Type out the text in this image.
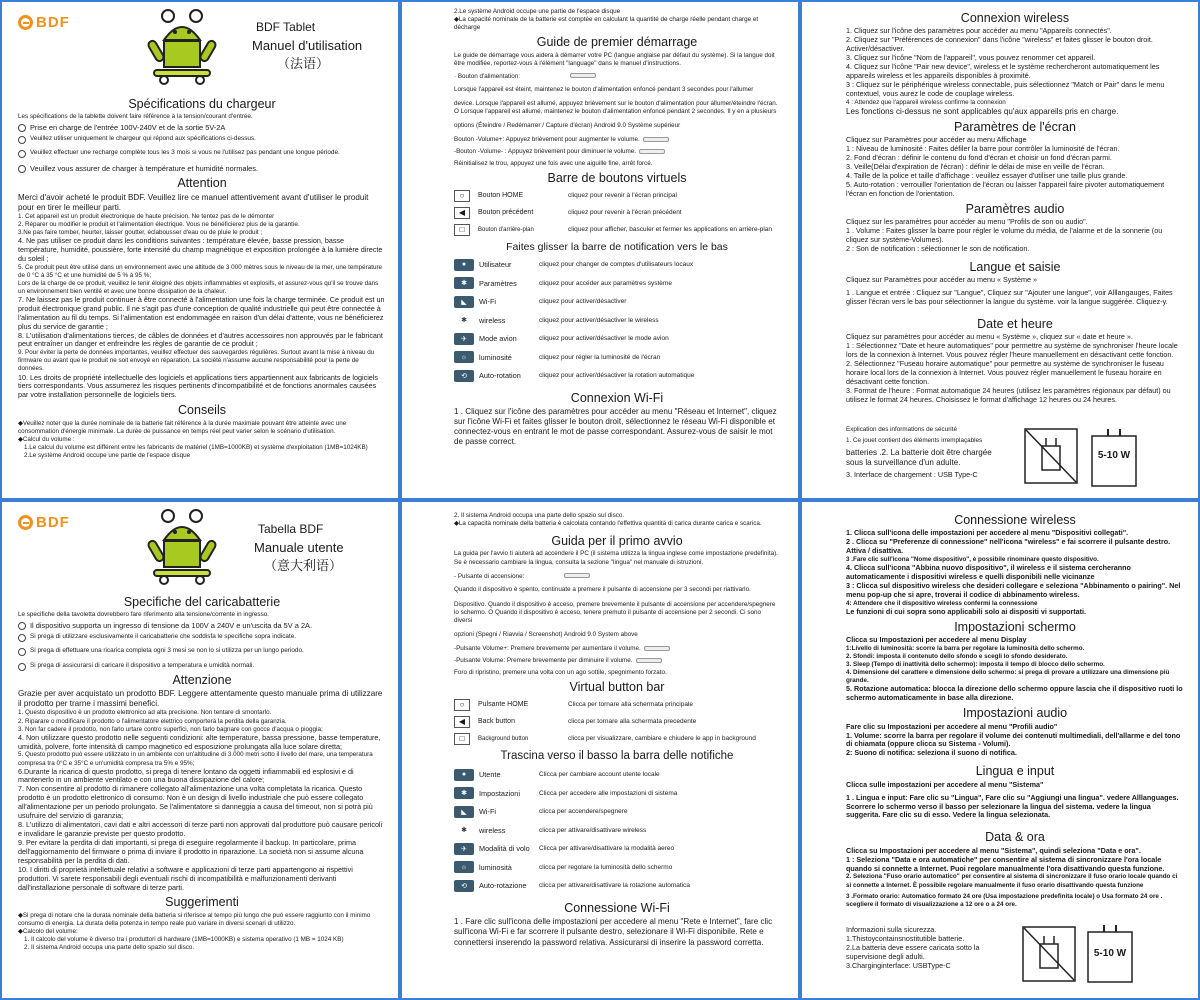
BDF	BDF Tablet
Manuel d'utilisation
（法语）
Spécifications du chargeur
Les spécifications de la tablette doivent faire référence à la tension/courant d'entrée.
Prise en charge de l'entrée 100V-240V et de la sortie 5V-2A
Veuillez utiliser uniquement le chargeur qui répond aux spécifications ci-dessus.
Veuillez effectuer une recharge complète tous les 3 mois si vous ne l'utilisez pas pendant une longue période.
Veuillez vous assurer de charger à température et humidité normales.
Attention
Merci d'avoir acheté le produit BDF. Veuillez lire ce manuel attentivement avant d'utiliser le produit pour en tirer le meilleur parti.
1. Cet appareil est un produit électronique de haute précision. Ne tentez pas de le démonter
2. Réparer ou modifier le produit et l'alimentation électrique. Vous ne bénéficierez plus de la garantie.
3.Ne pas faire tomber, heurter, laisser goutter, éclabousser d'eau ou de pluie le produit ;
4. Ne pas utiliser ce produit dans les conditions suivantes : température élevée, basse pression, basse température, humidité, poussière, forte intensité du champ magnétique et exposition prolongée à la lumière directe du soleil ;
5. Ce produit peut être utilisé dans un environnement avec une altitude de 3 000 mètres sous le niveau de la mer, une température de 0 °C à 35 °C et une humidité de 5 % à 95 %;
Lors de la charge de ce produit, veuillez le tenir éloigné des objets inflammables et explosifs, et assurez-vous qu'il se trouve dans un environnement bien ventilé et avec une bonne dissipation de la chaleur.
7. Ne laissez pas le produit continuer à être connecté à l'alimentation une fois la charge terminée. Ce produit est un produit électronique grand public. Il ne s'agit pas d'une conception de qualité industrielle qui peut être connectée à l'alimentation au fil du temps. Si l'alimentation est endommagée en raison d'un délai d'attente, vous ne bénéficierez plus du service de garantie ;
8. L'utilisation d'alimentations tierces, de câbles de données et d'autres accessoires non approuvés par le fabricant peut entraîner un danger et enfreindre les règles de garantie de ce produit ;
9. Pour éviter la perte de données importantes, veuillez effectuer des sauvegardes régulières. Surtout avant la mise à niveau du firmware ou avant que le produit ne soit envoyé en réparation. La société n'assume aucune responsabilité pour la perte de données.
10. Les droits de propriété intellectuelle des logiciels et applications tiers appartiennent aux fabricants de logiciels tiers correspondants. Vous assumerez les risques pertinents d'incompatibilité et de fonctions anormales causées par votre installation personnelle de logiciels tiers.
Conseils
◆Veuillez noter que la durée nominale de la batterie fait référence à la durée maximale pouvant être atteinte avec une consommation d'énergie minimale. La durée de puissance en temps réel peut varier selon le scénario d'utilisation.
◆Calcul du volume :
1.Le calcul du volume est différent entre les fabricants de matériel (1MB=1000KB) et système d'exploitation (1MB=1024KB)
2.Le système Android occupe une partie de l'espace disque
2.Le système Android occupe une partie de l'espace disque
◆La capacité nominale de la batterie est comptée en calculant la quantité de charge réelle pendant charge et décharge
Guide de premier démarrage
Le guide de démarrage vous aidera à démarrer votre PC (langue anglaise par défaut du système). Si la langue doit être modifiée, reportez-vous à l'élément "language" dans le manuel d'instructions.
· Bouton d'alimentation:
Lorsque l'appareil est éteint, maintenez le bouton d'alimentation enfoncé pendant 3 secondes pour l'allumer
device. Lorsque l'appareil est allumé, appuyez brièvement sur le bouton d'alimentation pour allumer/éteindre l'écran. O Lorsque l'appareil est allumé, maintenez le bouton d'alimentation enfoncé pendant 2 secondes. Il y en a plusieurs
options (Éteindre / Redémarrer / Capture d'écran) Android 9.0 Système supérieur
Bouton -Volume+: Appuyez brièvement pour augmenter le volume.
-Bouton -Volume- : Appuyez brièvement pour diminuer le volume.
Réinitialisez le trou, appuyez une fois avec une aiguille fine, arrêt forcé.
Barre de boutons virtuels
○	Bouton HOME	cliquez pour revenir à l'écran principal
◀	Bouton précédent	cliquez pour revenir à l'écran précédent
□	Bouton d'arrière-plan	cliquez pour afficher, basculer et fermer les applications en arrière-plan
Faites glisser la barre de notification vers le bas
●	Utilisateur	cliquez pour changer de comptes d'utilisateurs locaux
✱	Paramètres	cliquez pour accéder aux paramètres système
◣	Wi-Fi	cliquez pour activer/désactiver
✱	wireless	cliquez pour activer/désactiver le wireless
✈	Mode avion	cliquez pour activer/désactiver le mode avion
☼	luminosité	cliquez pour régler la luminosité de l'écran
⟲	Auto-rotation	cliquez pour activer/désactiver la rotation automatique
Connexion Wi-Fi
1 . Cliquez sur l'icône des paramètres pour accéder au menu "Réseau et Internet", cliquez sur l'icône Wi-Fi et faites glisser le bouton droit, sélectionnez le réseau Wi-Fi disponible et connectez-vous en entrant le mot de passe correspondant. Assurez-vous de saisir le mot de passe correct.
Connexion wireless
1. Cliquez sur l'icône des paramètres pour accéder au menu "Appareils connectés".
2. Cliquez sur "Préférences de connexion" dans l'icône "wireless" et faites glisser le bouton droit. Activer/désactiver.
3. Cliquez sur l'icône "Nom de l'appareil", vous pouvez renommer cet appareil.
4. Cliquez sur l'icône "Pair new device", wireless et le système rechercheront automatiquement les appareils wireless et les appareils disponibles à proximité.
3 : Cliquez sur le périphérique wireless connectable, puis sélectionnez "Match or Pair" dans le menu contextuel, vous aurez le code de couplage wireless.
4 : Attendez que l'appareil wireless confirme la connexion
Les fonctions ci-dessus ne sont applicables qu'aux appareils pris en charge.
Paramètres de l'écran
Cliquez sur Paramètres pour accéder au menu Affichage
1 : Niveau de luminosité : Faites défiler la barre pour contrôler la luminosité de l'écran.
2. Fond d'écran : définir le contenu du fond d'écran et choisir un fond d'écran parmi.
3. Veille(Délai d'expiration de l'écran) : définir le délai de mise en veille de l'écran.
4. Taille de la police et taille d'affichage : veuillez essayer d'utiliser une taille plus grande.
5. Auto-rotation : verrouiller l'orientation de l'écran ou laisser l'appareil faire pivoter automatiquement l'écran en fonction de l'orientation.
Paramètres audio
Cliquez sur les paramètres pour accéder au menu "Profils de son ou audio".
1 . Volume : Faites glisser la barre pour régler le volume du média, de l'alarme et de la sonnerie (ou cliquez sur système-Volumes).
2 : Son de notification : sélectionner le son de notification.
Langue et saisie
Cliquez sur Paramètres pour accéder au menu « Système »
1 . Langue et entrée : Cliquez sur "Langue", Cliquez sur "Ajouter une langue", voir Alllangauges, Faites glisser l'écran vers le bas pour sélectionner la langue du système. voir la langue suggérée. Cliquez-y.
Date et heure
Cliquez sur paramètres pour accéder au menu « Système », cliquez sur « date et heure ».
1 : Sélectionnez "Date et heure automatiques" pour permettre au système de synchroniser l'heure locale lors de la connexion à Internet. Vous pouvez régler l'heure manuellement en désactivant cette fonction.
2. Sélectionnez "Fuseau horaire automatique" pour permettre au système de synchroniser le fuseau horaire local lors de la connexion à Internet. Vous pouvez régler manuellement le fuseau horaire en désactivant cette fonction.
3. Format de l'heure : Format automatique 24 heures (utilisez les paramètres régionaux par défaut) ou utilisez le format 24 heures. Choisissez le format d'affichage 12 heures ou 24 heures.
Explication des informations de sécurité
1. Ce jouet contient des éléments irremplaçables
batteries .2. La batterie doit être chargée sous la surveillance d'un adulte.
3. Interface de chargement : USB Type-C
5-10 W
BDF	Tabella BDF
Manuale utente
（意大利语）
Specifiche del caricabatterie
Le specifiche della tavoletta dovrebbero fare riferimento alla tensione/corrente in ingresso.
Il dispositivo supporta un ingresso di tensione da 100V a 240V e un'uscita da 5V a 2A.
Si prega di utilizzare esclusivamente il caricabatterie che soddisfa le specifiche sopra indicate.
Si prega di effettuare una ricarica completa ogni 3 mesi se non lo si utilizza per un lungo periodo.
Si prega di assicurarsi di caricare il dispositivo a temperatura e umidità normali.
Attenzione
Grazie per aver acquistato un prodotto BDF. Leggere attentamente questo manuale prima di utilizzare il prodotto per trarne i massimi benefici.
1. Questo dispositivo è un prodotto elettronico ad alta precisione. Non tentare di smontarlo.
2. Riparare o modificare il prodotto o l'alimentatore elettrico comporterà la perdita della garanzia.
3. Non far cadere il prodotto, non farlo urtare contro superfici, non farlo bagnare con gocce d'acqua o pioggia;
4. Non utilizzare questo prodotto nelle seguenti condizioni: alte temperature, bassa pressione, basse temperature, umidità, polvere, forte intensità di campo magnetico ed esposizione prolungata alla luce solare diretta;
5. Questo prodotto può essere utilizzato in un ambiente con un'altitudine di 3.000 metri sotto il livello del mare, una temperatura compresa tra 0°C e 35°C e un'umidità compresa tra 5% e 95%;
6.Durante la ricarica di questo prodotto, si prega di tenere lontano da oggetti infiammabili ed esplosivi e di mantenerlo in un ambiente ventilato e con una buona dissipazione del calore;
7. Non consentire al prodotto di rimanere collegato all'alimentazione una volta completata la ricarica. Questo prodotto è un prodotto elettronico di consumo. Non è un design di livello industriale che può essere collegato all'alimentazione per un periodo prolungato. Se l'alimentatore si danneggia a causa del timeout, non si potrà più usufruire del servizio di garanzia;
8. L'utilizzo di alimentatori, cavi dati e altri accessori di terze parti non approvati dal produttore può causare pericoli e invalidare le garanzie previste per questo prodotto.
9. Per evitare la perdita di dati importanti, si prega di eseguire regolarmente il backup. In particolare, prima dell'aggiornamento del firmware o prima di inviare il prodotto in riparazione. La società non si assume alcuna responsabilità per la perdita di dati.
10. I diritti di proprietà intellettuale relativi a software e applicazioni di terze parti appartengono ai rispettivi produttori. Vi sarete responsabili degli eventuali rischi di incompatibilità e malfunzionamenti derivanti dall'installazione personale di software di terze parti.
Suggerimenti
◆Si prega di notare che la durata nominale della batteria si riferisce al tempo più lungo che può essere raggiunto con il minimo consumo di energia. La durata della potenza in tempo reale può variare in diversi scenari di utilizzo.
◆Calcolo del volume:
1. Il calcolo del volume è diverso tra i produttori di hardware (1MB=1000KB) e sistema operativo (1 MB = 1024 KB)
2. Il sistema Android occupa una parte dello spazio sul disco.
2. Il sistema Android occupa una parte dello spazio sul disco.
◆La capacità nominale della batteria è calcolata contando l'effettiva quantità di carica durante carica e scarica.
Guida per il primo avvio
La guida per l'avvio ti aiuterà ad accendere il PC (il sistema utilizza la lingua inglese come impostazione predefinita). Se è necessario cambiare la lingua, consulta la sezione "lingua" nel manuale di istruzioni.
- Pulsante di accensione:
Quando il dispositivo è spento, continuate a premere il pulsante di accensione per 3 secondi per riattivarlo.
Dispositivo. Quando il dispositivo è acceso, premere brevemente il pulsante di accensione per accendere/spegnere lo schermo. O Quando il dispositivo è acceso, tenere premuto il pulsante di accensione per 2 secondi. Ci sono diversi
opzioni (Spegni / Riavvia / Screenshot) Android 9.0 System above
-Pulsante Volume+: Premere brevemente per aumentare il volume.
-Pulsante Volume: Premere brevemente per diminuire il volume.
Foro di ripristino, premere una volta con un ago sottile, spegnimento forzato.
Virtual button bar
○	Pulsante HOME	Clicca per tornare alla schermata principale
◀	Back button	clicca per tornare alla schermata precedente
□	Background button	clicca per visualizzare, cambiare e chiudere le app in background
Trascina verso il basso la barra delle notifiche
●	Utente	Clicca per cambiare account utente locale
✱	Impostazioni	Clicca per accedere alle impostazioni di sistema
◣	Wi-Fi	clicca per accendere/spegnere
✱	wireless	clicca per attivare/disattivare wireless
✈	Modalità di volo	Clicca per attivare/disattivare la modalità aereo
☼	luminosità	clicca per regolare la luminosità dello schermo
⟲	Auto-rotazione	clicca per attivare/disattivare la rotazione automatica
Connessione Wi-Fi
1 . Fare clic sull'icona delle impostazioni per accedere al menu "Rete e Internet", fare clic sull'icona Wi-Fi e far scorrere il pulsante destro, selezionare il Wi-Fi disponibile. Rete e connettersi inserendo la password relativa. Assicurarsi di inserire la password corretta.
Connessione wireless
1. Clicca sull'icona delle impostazioni per accedere al menu "Dispositivi collegati".
2 . Clicca su "Preferenze di connessione" nell'icona "wireless" e fai scorrere il pulsante destro. Attiva / disattiva.
3 .Fare clic sull'icona "Nome dispositivo", è possibile rinominare questo dispositivo.
4. Clicca sull'icona "Abbina nuovo dispositivo", il wireless e il sistema cercheranno automaticamente i dispositivi wireless e quelli disponibili nelle vicinanze
3 : Clicca sul dispositivo wireless che desideri collegare e seleziona "Abbinamento o pairing". Nel menu pop-up che si apre, troverai il codice di abbinamento wireless.
4: Attendere che il dispositivo wireless confermi la connessione
Le funzioni di cui sopra sono applicabili solo ai dispositi vi supportati.
Impostazioni schermo
Clicca su Impostazioni per accedere al menu Display
1:Livello di luminosità: scorre la barra per regolare la luminosità dello schermo.
2. Sfondi: imposta il contenuto dello sfondo e scegli lo sfondo desiderato.
3. Sleep (Tempo di inattività dello schermo): imposta il tempo di blocco dello schermo.
4. Dimensione del carattere e dimensione dello schermo: si prega di provare a utilizzare una dimensione più grande.
5. Rotazione automatica: blocca la direzione dello schermo oppure lascia che il dispositivo ruoti lo schermo automaticamente in base alla direzione.
Impostazioni audio
Fare clic su Impostazioni per accedere al menu "Profili audio"
1. Volume: scorre la barra per regolare il volume dei contenuti multimediali, dell'allarme e del tono di chiamata (oppure clicca su Sistema - Volumi).
2: Suono di notifica: seleziona il suono di notifica.
Lingua e input
Clicca sulle impostazioni per accedere al menu "Sistema"
1 . Lingua e input: Fare clic su "Lingua", Fare clic su "Aggiungi una lingua". vedere Alllanguages. Scorrere lo schermo verso il basso per selezionare la lingua del sistema. vedere la lingua suggerita. Fare clic su di esso. Vedere la lingua selezionata.
Data & ora
Clicca su Impostazioni per accedere al menu "Sistema", quindi seleziona "Data e ora".
1 : Seleziona "Data e ora automatiche" per consentire al sistema di sincronizzare l'ora locale quando si connette a Internet. Puoi regolare manualmente l'ora disattivando questa funzione.
2. Seleziona "Fuso orario automatico" per consentire al sistema di sincronizzare il fuso orario locale quando ci si connette a Internet. È possibile regolare manualmente il fuso orario disattivando questa funzione
3 .Formato orario: Automatico formato 24 ore (Usa impostazione predefinita locale) o Usa formato 24 ore . scegliere il formato di visualizzazione a 12 ore o a 24 ore.
Informazioni sulla sicurezza.
1.Thistoycontainsnostitutible batterie.
2.La batteria deve essere caricata sotto la supervisione degli adulti.
3.Charginginterface: USBType-C
5-10 W
